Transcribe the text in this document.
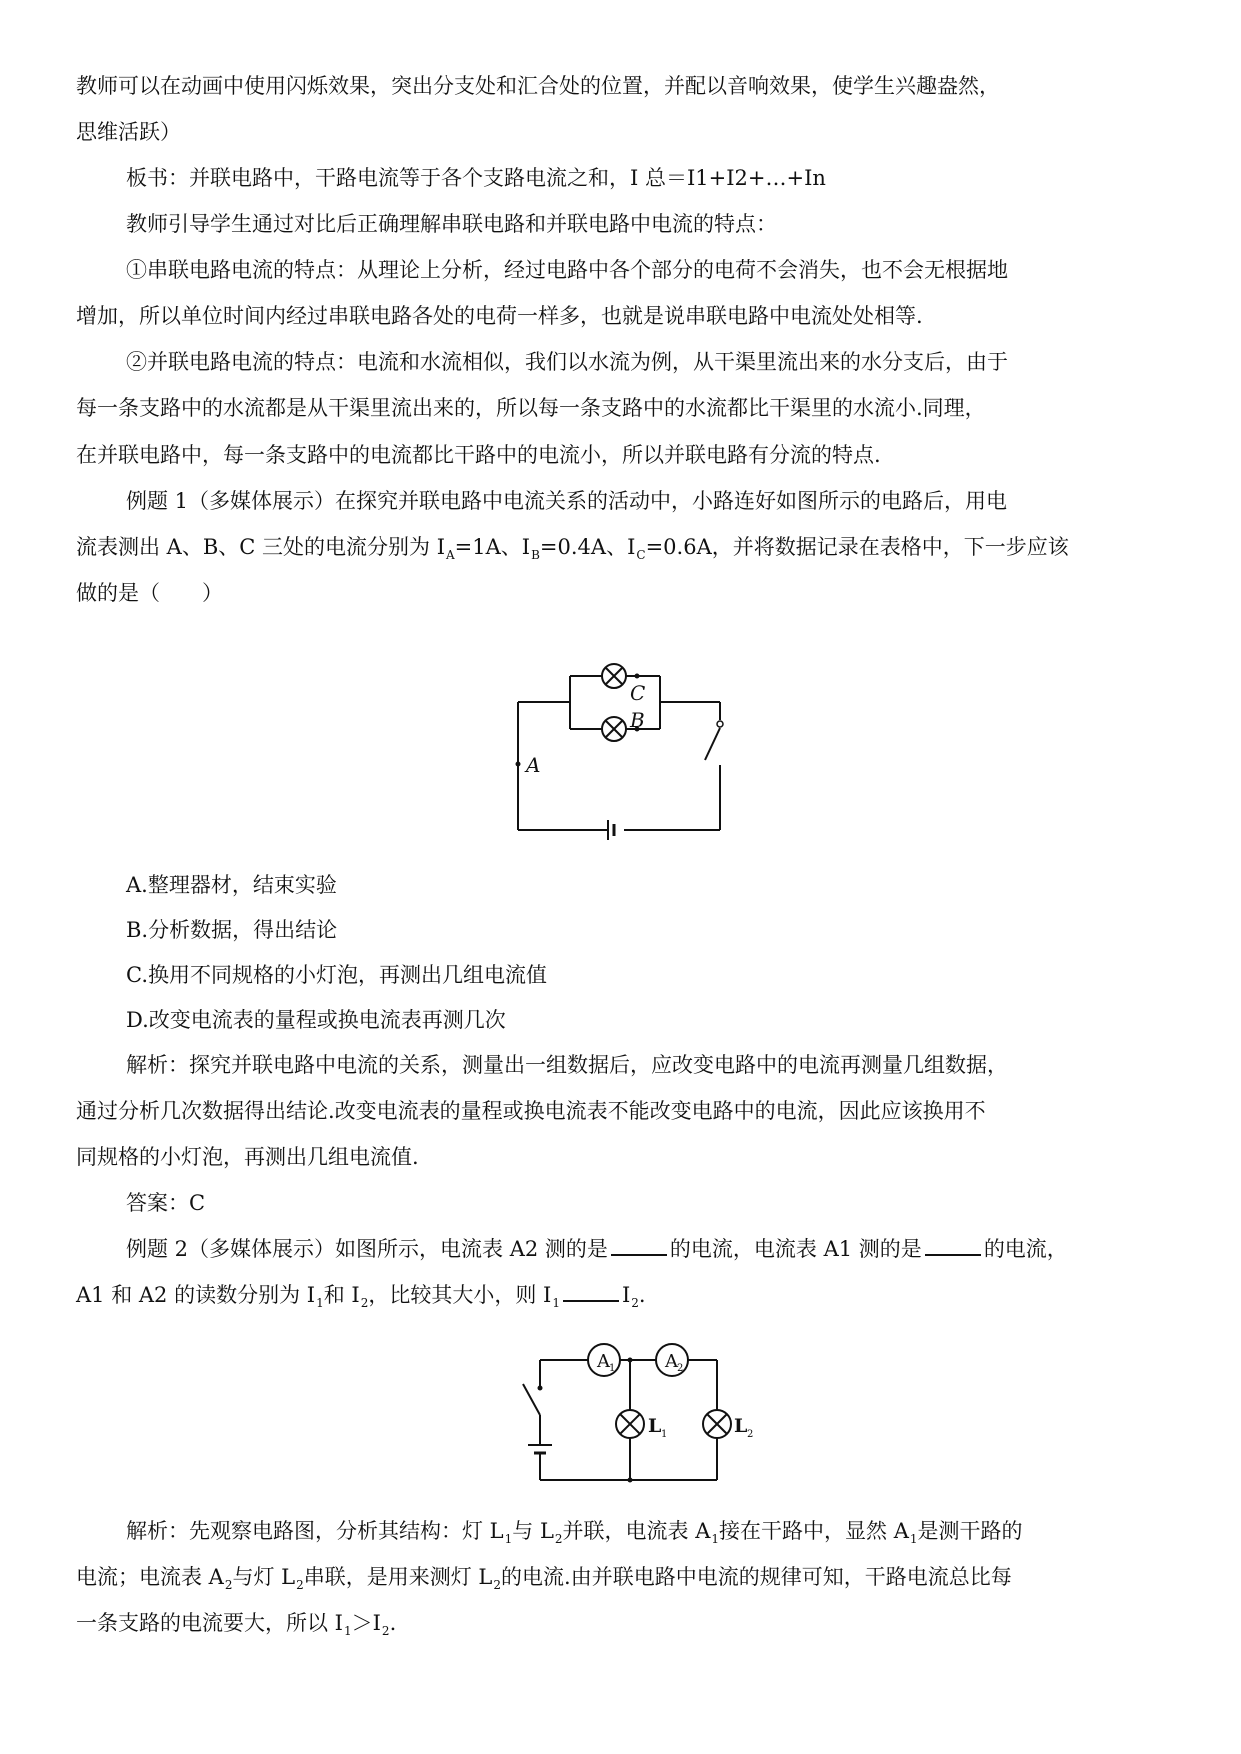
教师可以在动画中使用闪烁效果，突出分支处和汇合处的位置，并配以音响效果，使学生兴趣盎然，
思维活跃）
板书：并联电路中，干路电流等于各个支路电流之和，I 总＝I1+I2+…+In
教师引导学生通过对比后正确理解串联电路和并联电路中电流的特点：
①串联电路电流的特点：从理论上分析，经过电路中各个部分的电荷不会消失，也不会无根据地
增加，所以单位时间内经过串联电路各处的电荷一样多，也就是说串联电路中电流处处相等.
②并联电路电流的特点：电流和水流相似，我们以水流为例，从干渠里流出来的水分支后，由于
每一条支路中的水流都是从干渠里流出来的，所以每一条支路中的水流都比干渠里的水流小.同理，
在并联电路中，每一条支路中的电流都比干路中的电流小，所以并联电路有分流的特点.
例题 1（多媒体展示）在探究并联电路中电流关系的活动中，小路连好如图所示的电路后，用电
流表测出 A、B、C 三处的电流分别为 $I_A=1A$、$I_B=0.4A$、$I_C=0.6A$，并将数据记录在表格中，下一步应该
做的是（　　）
C
B
A
A.整理器材，结束实验
B.分析数据，得出结论
C.换用不同规格的小灯泡，再测出几组电流值
D.改变电流表的量程或换电流表再测几次
解析：探究并联电路中电流的关系，测量出一组数据后，应改变电路中的电流再测量几组数据，
通过分析几次数据得出结论.改变电流表的量程或换电流表不能改变电路中的电流，因此应该换用不
同规格的小灯泡，再测出几组电流值.
答案：C
例题 2（多媒体展示）如图所示，电流表 A2 测的是	的电流，电流表 A1 测的是	的电流，
A1 和 A2 的读数分别为 $I_1$和 $I_2$，比较其大小，则 $I_1$	$I_2$.
A 1	A 2
L 1	L 2
解析：先观察电路图，分析其结构：灯 $L_1$与 $L_2$并联，电流表 $A_1$接在干路中，显然 $A_1$是测干路的
电流；电流表 $A_2$与灯 $L_2$串联，是用来测灯 $L_2$的电流.由并联电路中电流的规律可知，干路电流总比每
一条支路的电流要大，所以 $I_1>I_2$.
